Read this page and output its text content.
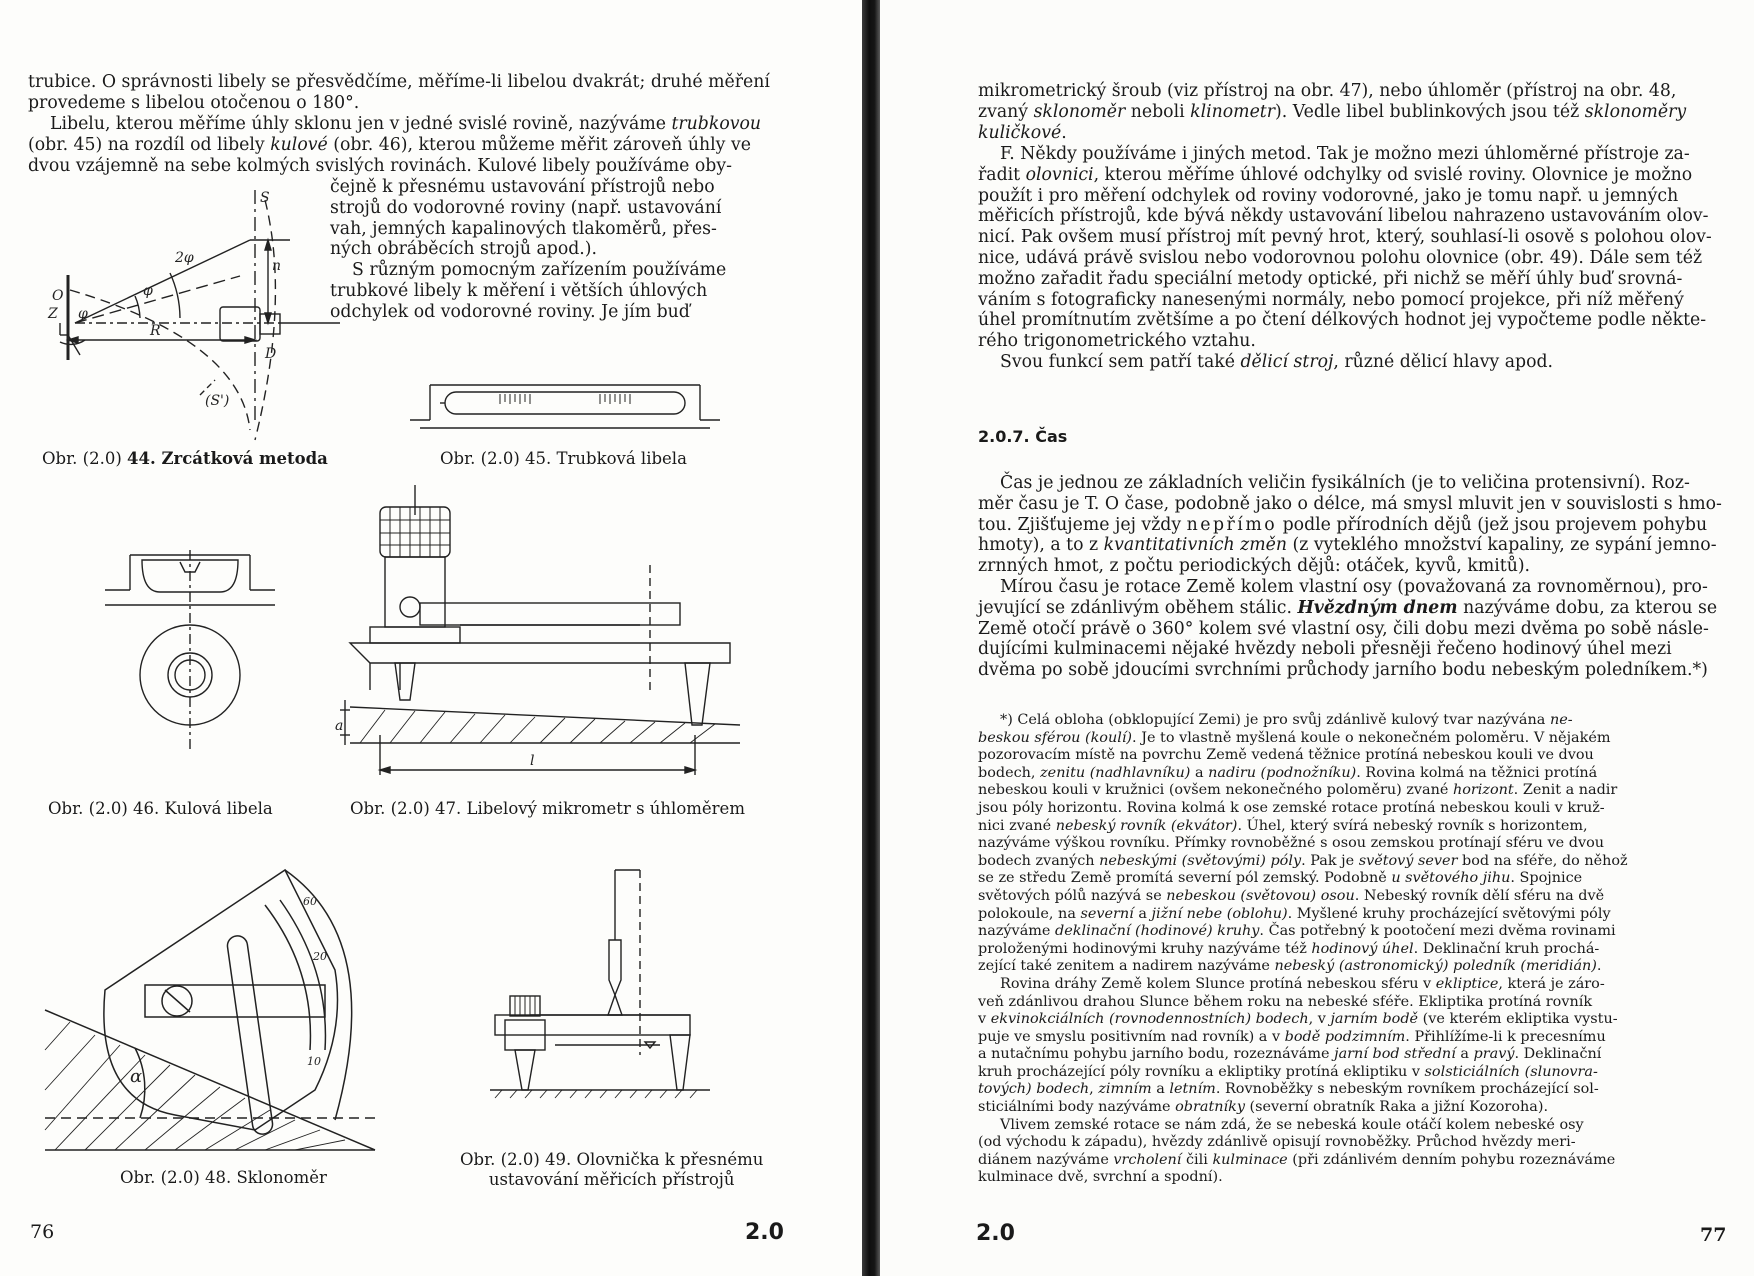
trubice. O správnosti libely se přesvědčíme, měříme-li libelou dvakrát; druhé měření

provedeme s libelou otočenou o 180°.

Libelu, kterou měříme úhly sklonu jen v jedné svislé rovině, nazýváme trubkovou

(obr. 45) na rozdíl od libely kulové (obr. 46), kterou můžeme měřit zároveň úhly ve

dvou vzájemně na sebe kolmých svislých rovinách. Kulové libely používáme oby-

čejně k přesnému ustavování přístrojů nebo

strojů do vodorovné roviny (např. ustavování

vah, jemných kapalinových tlakoměrů, přes-

ných obráběcích strojů apod.).

S různým pomocným zařízením používáme

trubkové libely k měření i větších úhlových

odchylek od vodorovné roviny. Je jím buď

S
(S')
2φ
φ
φ
O
Z
n
D
R
Obr. (2.0) 44. Zrcátková metoda	Obr. (2.0) 45. Trubková libela
Obr. (2.0) 46. Kulová libela
a
l
Obr. (2.0) 47. Libelový mikrometr s úhloměrem
α
60
10
20
Obr. (2.0) 48. Sklonoměr
Obr. (2.0) 49. Olovnička k přesnému
ustavování měřicích přístrojů
76	2.0

mikrometrický šroub (viz přístroj na obr. 47), nebo úhloměr (přístroj na obr. 48,

zvaný sklonoměr neboli klinometr). Vedle libel bublinkových jsou též sklonoměry

kuličkové.

F. Někdy používáme i jiných metod. Tak je možno mezi úhloměrné přístroje za-

řadit olovnici, kterou měříme úhlové odchylky od svislé roviny. Olovnice je možno

použít i pro měření odchylek od roviny vodorovné, jako je tomu např. u jemných

měřicích přístrojů, kde bývá někdy ustavování libelou nahrazeno ustavováním olov-

nicí. Pak ovšem musí přístroj mít pevný hrot, který, souhlasí-li osově s polohou olov-

nice, udává právě svislou nebo vodorovnou polohu olovnice (obr. 49). Dále sem též

možno zařadit řadu speciální metody optické, při nichž se měří úhly buď srovná-

váním s fotograficky nanesenými normály, nebo pomocí projekce, při níž měřený

úhel promítnutím zvětšíme a po čtení délkových hodnot jej vypočteme podle někte-

rého trigonometrického vztahu.

Svou funkcí sem patří také dělicí stroj, různé dělicí hlavy apod.

2.0.7. Čas

Čas je jednou ze základních veličin fysikálních (je to veličina protensivní). Roz-

měr času je T. O čase, podobně jako o délce, má smysl mluvit jen v souvislosti s hmo-

tou. Zjišťujeme jej vždy nepřímo podle přírodních dějů (jež jsou projevem pohybu

hmoty), a to z kvantitativních změn (z vyteklého množství kapaliny, ze sypání jemno-

zrnných hmot, z počtu periodických dějů: otáček, kyvů, kmitů).

Mírou času je rotace Země kolem vlastní osy (považovaná za rovnoměrnou), pro-

jevující se zdánlivým oběhem stálic. Hvězdným dnem nazýváme dobu, za kterou se

Země otočí právě o 360° kolem své vlastní osy, čili dobu mezi dvěma po sobě násle-

dujícími kulminacemi nějaké hvězdy neboli přesněji řečeno hodinový úhel mezi

dvěma po sobě jdoucími svrchními průchody jarního bodu nebeským poledníkem.*)

*) Celá obloha (obklopující Zemi) je pro svůj zdánlivě kulový tvar nazývána ne-

beskou sférou (koulí). Je to vlastně myšlená koule o nekonečném poloměru. V nějakém

pozorovacím místě na povrchu Země vedená těžnice protíná nebeskou kouli ve dvou

bodech, zenitu (nadhlavníku) a nadiru (podnožníku). Rovina kolmá na těžnici protíná

nebeskou kouli v kružnici (ovšem nekonečného poloměru) zvané horizont. Zenit a nadir

jsou póly horizontu. Rovina kolmá k ose zemské rotace protíná nebeskou kouli v kruž-

nici zvané nebeský rovník (ekvátor). Úhel, který svírá nebeský rovník s horizontem,

nazýváme výškou rovníku. Přímky rovnoběžné s osou zemskou protínají sféru ve dvou

bodech zvaných nebeskými (světovými) póly. Pak je světový sever bod na sféře, do něhož

se ze středu Země promítá severní pól zemský. Podobně u světového jihu. Spojnice

světových pólů nazývá se nebeskou (světovou) osou. Nebeský rovník dělí sféru na dvě

polokoule, na severní a jižní nebe (oblohu). Myšlené kruhy procházející světovými póly

nazýváme deklinační (hodinové) kruhy. Čas potřebný k pootočení mezi dvěma rovinami

proloženými hodinovými kruhy nazýváme též hodinový úhel. Deklinační kruh prochá-

zející také zenitem a nadirem nazýváme nebeský (astronomický) poledník (meridián).

Rovina dráhy Země kolem Slunce protíná nebeskou sféru v ekliptice, která je záro-

veň zdánlivou drahou Slunce během roku na nebeské sféře. Ekliptika protíná rovník

v ekvinokciálních (rovnodennostních) bodech, v jarním bodě (ve kterém ekliptika vystu-

puje ve smyslu positivním nad rovník) a v bodě podzimním. Přihlížíme-li k precesnímu

a nutačnímu pohybu jarního bodu, rozeznáváme jarní bod střední a pravý. Deklinační

kruh procházející póly rovníku a ekliptiky protíná ekliptiku v solsticiálních (slunovra-

tových) bodech, zimním a letním. Rovnoběžky s nebeským rovníkem procházející sol-

sticiálními body nazýváme obratníky (severní obratník Raka a jižní Kozoroha).

Vlivem zemské rotace se nám zdá, že se nebeská koule otáčí kolem nebeské osy

(od východu k západu), hvězdy zdánlivě opisují rovnoběžky. Průchod hvězdy meri-

diánem nazýváme vrcholení čili kulminace (při zdánlivém denním pohybu rozeznáváme

kulminace dvě, svrchní a spodní).

2.0	77
